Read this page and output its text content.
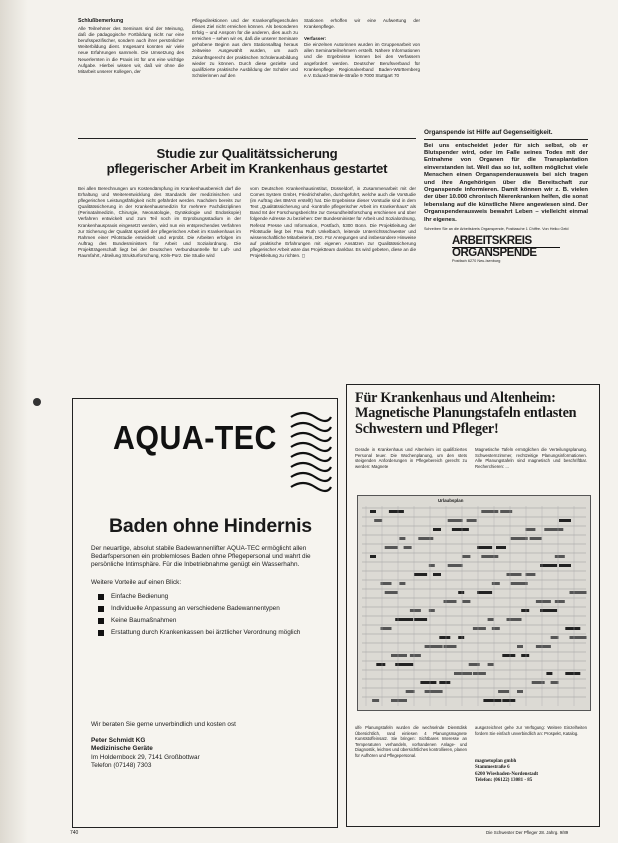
Schlußbemerkung

Alle Teilnehmer des Seminars sind der Meinung, daß die pädagogische Fortbildung nicht nur eine berufsspezifischer, sondern auch ihrer persönlicher Weiterbildung dient. Insgesamt konnten wir viele neue Erfahrungen sammeln. Die Umsetzung des Neuerlernten in die Praxis ist für uns eine wichtige Aufgabe. Hierbei wissen wir, daß wir ohne die Mitarbeit unserer Kollegen, der

Pflegedirektionen und der Krankenpflegeschulen dieses Ziel nicht erreichen können. Als besonderen Erfolg – und Ansporn für die anderen, dies auch zu erreichen – sehen wir es, daß die unserer Seminare gehobene Beginn aus dem Stationsalltag heraus zeitweise Ausgewählt wurden, um auch Zukunftsgerecht der praktischen Schülerausbildung wieder zu können. Durch diese gezielte und qualifizierte praktische Ausbildung der Schüler und Schülerinnen auf den

Stationen erhoffen wir eine Aufwertung der Krankenpflege.

Verfasser:

Die einzelnen Autorinnen wurden im Gruppenarbeit von allen Seminarteilnehmern erstellt. Nähere Informationen und die Ergebnisse können bei den Verfassern angefordert werden. Deutscher Berufsverband für Krankenpflege Regionalverband Baden-Württemberg e.V. Eduard-Steinle-Straße 9 7000 Stuttgart 70

Studie zur Qualitätssicherung
pflegerischer Arbeit im Krankenhaus gestartet

Bei allen Berechnungen um Kostendämpfung im Krankenhausbereich darf die Erhaltung und Weiterentwicklung des Standards der medizinischen und pflegerischen Leistungsfähigkeit nicht gefährdet werden. Nachdem bereits zur Qualitätssicherung in der Krankenhausmedizin für mehrere Fachdisziplinen (Perinatalmedizin, Chirurgie, Neonatologie, Gynäkologie und Endoskopie) Verfahren entwickelt und zum Teil noch im Erprobungsstadium in der Krankenhauspraxis eingesetzt werden, wird nun ein entsprechendes Verfahren zur Sicherung der Qualität speziell der pflegerischen Arbeit im Krankenhaus im Rahmen einer Pilotstudie entwickelt und erprobt. Die Arbeiten erfolgen im Auftrag des Bundesministers für Arbeit und Sozialordnung. Die Projektträgerschaft liegt bei der Deutschen Verbundsantrelle für Luft- und Raumfahrt, Abteilung Strukturforschung, Köln-Porz. Die Studie wird

vom Deutschen Krankenhausinstitut, Düsseldorf, in Zusammenarbeit mit der Comes System GmbH, Friedrichshafen, durchgeführt, welche auch die Vorstudie (im Auftrag des BMAS erstellt) hat. Die Ergebnisse dieser Vorstudie sind in dem Text „Qualitätssicherung und -kontrolle pflegerischer Arbeit im Krankenhaus" als Band 84 der Forschungsberichte zur Gesundheitsforschung erschienen und über folgende Adresse zu beziehen: Der Bundesminister für Arbeit und Sozialordnung, Referat Presse und Information, Postfach, 5300 Bonn. Die Projektleitung der Pilotstudie liegt bei Frau Ruth Unkelbach, leitende Unterrichtsschwester und wissenschaftliche Mitarbeiterin, DKI. Für Anregungen und insbesondere Hinweise auf praktische Erfahrungen mit eigenen Ansätzen zur Qualitätssicherung pflegerischer Arbeit wäre das Projektteam dankbar. Es wird gebeten, diese an die Projektleitung zu richten. ◻

Organspende ist Hilfe auf Gegenseitigkeit.
Bei uns entscheidet jeder für sich selbst, ob er Blutspender wird, oder im Falle seines Todes mit der Entnahme von Organen für die Transplantation einverstanden ist. Weil das so ist, sollten möglichst viele Menschen einen Organspenderausweis bei sich tragen und ihre Angehörigen über die Bereitschaft zur Organspende informieren. Damit können wir z. B. vielen der über 10.000 chronisch Nierenkranken helfen, die sonst lebenslang auf die künstliche Niere angewiesen sind. Der Organspenderausweis bewahrt Leben – vielleicht einmal Ihr eigenes.
Schreiben Sie an die Arbeitskreis Organspende, Posttasche 1 Chiffre. Von Heiko Geld
ARBEITSKREIS
ORGANSPENDE
Postfach 6270 Neu-Isenburg
AQUA-TEC
Baden ohne Hindernis
Der neuartige, absolut stabile Badewannenlifter AQUA-TEC ermöglicht allen Bedarfspersonen ein problemloses Baden ohne Pflegepersonal und wahrt die persönliche Intimsphäre. Für die Inbetriebnahme genügt ein Wasserhahn.
Weitere Vorteile auf einen Blick:
Einfache Bedienung
Individuelle Anpassung an verschiedene Badewannentypen
Keine Baumaßnahmen
Erstattung durch Krankenkassen bei ärztlicher Verordnung möglich
Wir beraten Sie gerne unverbindlich und kosten ost
Peter Schmidt KG
Medizinische Geräte
Im Holdernbock 29, 7141 Großbottwar
Telefon (07148) 7303
Für Krankenhaus und Altenheim: Magnetische Planungstafeln entlasten Schwestern und Pfleger!
Gerade in Krankenhaus und Altenheim ist qualifiziertes Personal teuer. Die Wochenplanung, um den stets steigenden Anforderungen in Pflegebereich gerecht zu werden: Magnete
Magnetische Tafeln ermöglichen die Verteilungsplanung. Schwesternzimmer, rechtzeitige Planungsinformationen. Alle Planungstafeln sind magnetisch und beschriftbar. Recherchieren: ...
Urlaubsplan
ulfe Planungstafeln wurden die wechselnde Dienstdisk Übersichtlich, rand einlesen 4 Planungsmagnete Kunststoffeinsatz. Sie bringen: Sichtbares Interesse an Temperaturen verhandeln, vorhandenen Anlage- und Diagnostik, leichtes und übersichtliches kontrollieren, planen für Aufhören und Pflegepersonal.
ausgezeichnet gehe zur Verfügung: Weitere Einzelheiten fordern Sie einfach unverbindlich an: Prospekt, Katalog.
magnetoplan gmbh
Stammestraße 6
6200 Wiesbaden-Nordenstadt
Telefon: (06122) 13081 - 85
740	Die Schwester Der Pfleger 28. Jahrg. 9/89
